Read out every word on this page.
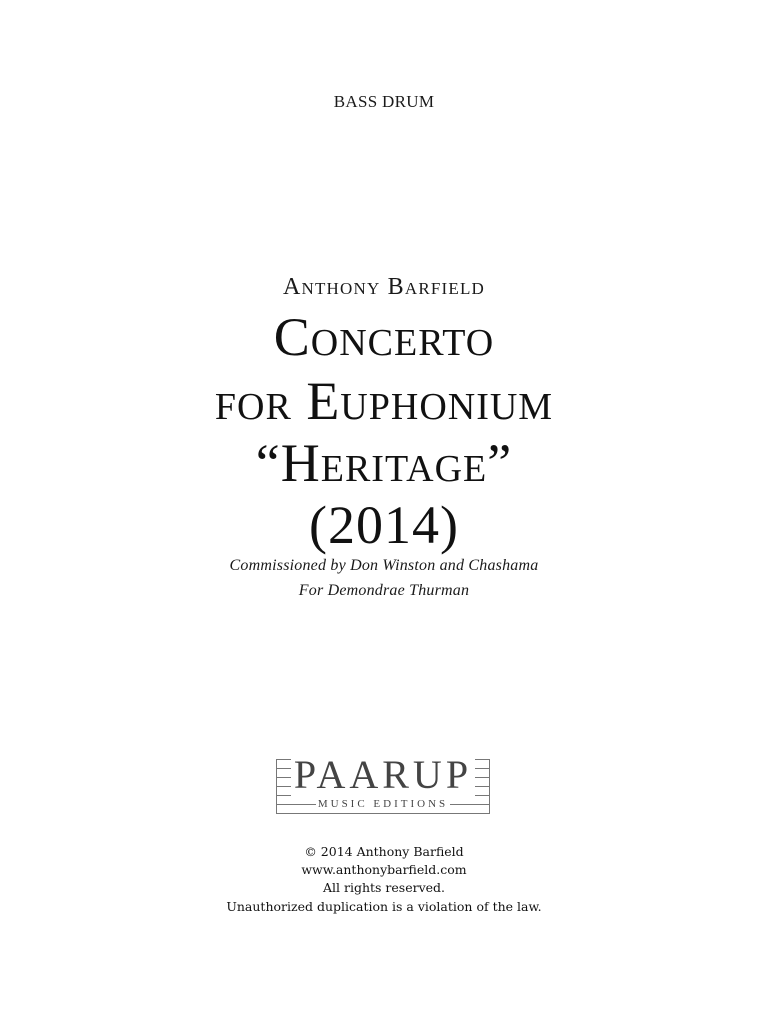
BASS DRUM
Anthony Barfield
Concerto
for Euphonium
“Heritage”
(2014)
Commissioned by Don Winston and Chashama
For Demondrae Thurman
PAARUP
MUSIC EDITIONS
© 2014 Anthony Barfield
www.anthonybarfield.com
All rights reserved.
Unauthorized duplication is a violation of the law.
